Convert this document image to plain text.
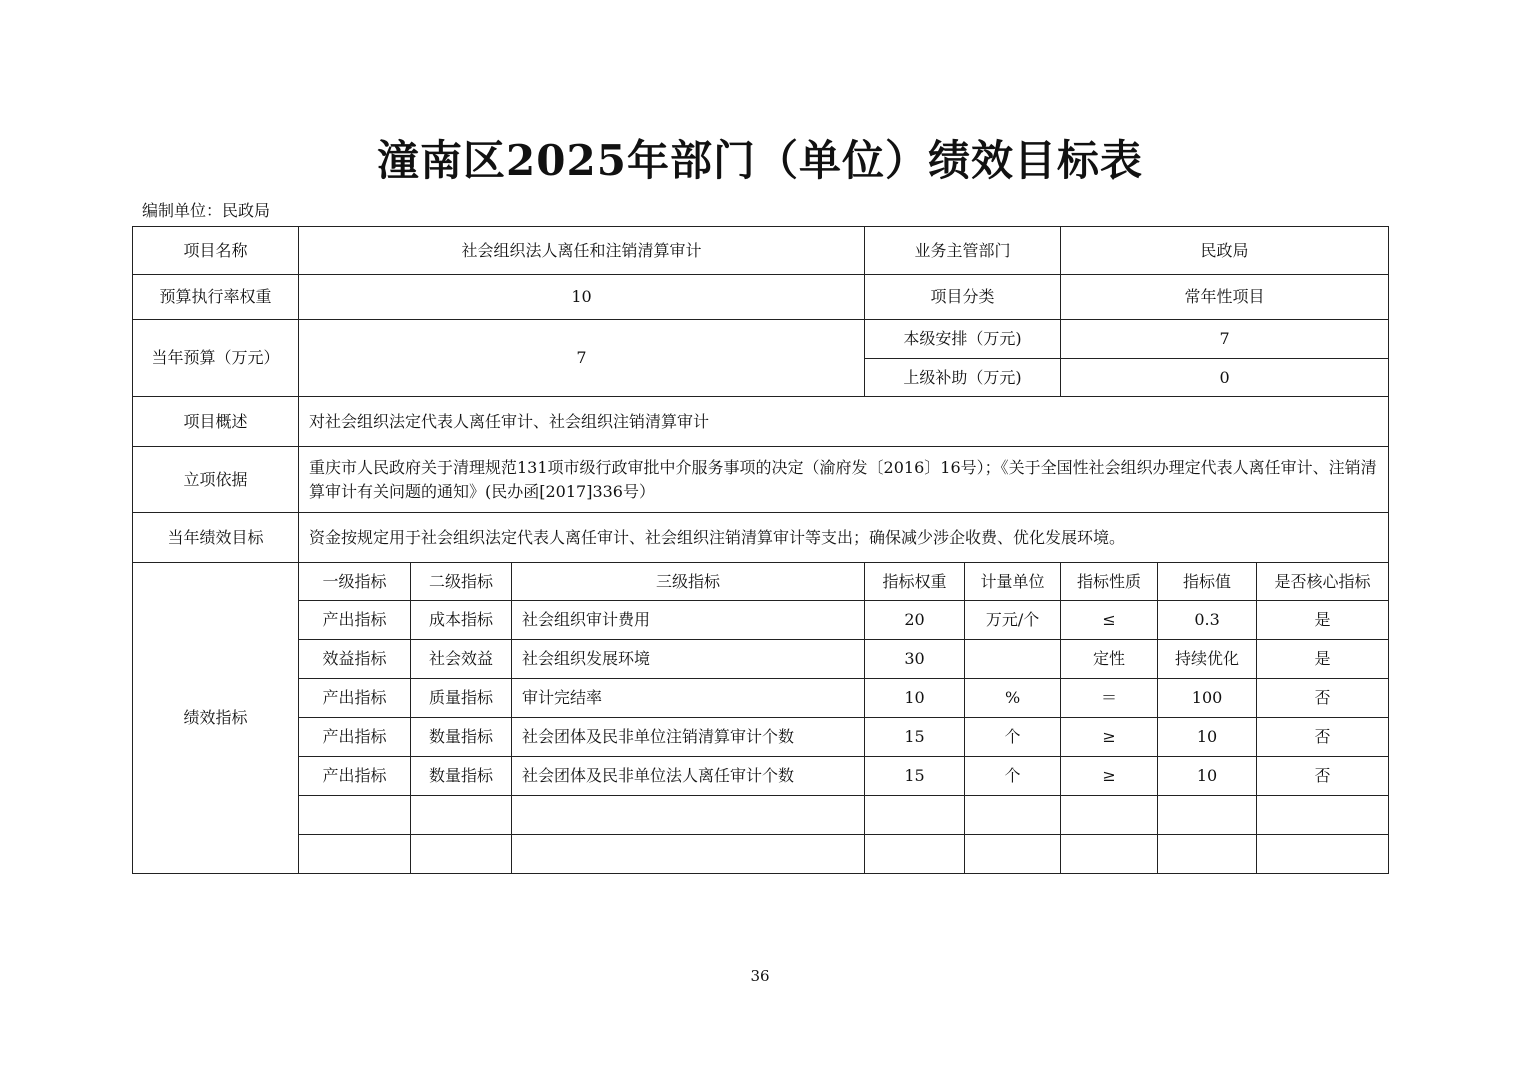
潼南区2025年部门（单位）绩效目标表
编制单位：民政局
项目名称	社会组织法人离任和注销清算审计			业务主管部门		民政局		
预算执行率权重	10			项目分类		常年性项目		
当年预算（万元）	7			本级安排（万元)		7		
				上级补助（万元)		0		
项目概述	对社会组织法定代表人离任审计、社会组织注销清算审计							
立项依据	重庆市人民政府关于清理规范131项市级行政审批中介服务事项的决定（渝府发〔2016〕16号）；《关于全国性社会组织办理定代表人离任审计、注销清算审计有关问题的通知》(民办函[2017]336号）							
当年绩效目标	资金按规定用于社会组织法定代表人离任审计、社会组织注销清算审计等支出；确保减少涉企收费、优化发展环境。							
绩效指标	一级指标	二级指标	三级指标	指标权重	计量单位	指标性质	指标值	是否核心指标
	产出指标	成本指标	社会组织审计费用	20	万元/个	≤	0.3	是
	效益指标	社会效益	社会组织发展环境	30		定性	持续优化	是
	产出指标	质量指标	审计完结率	10	%	＝	100	否
	产出指标	数量指标	社会团体及民非单位注销清算审计个数	15	个	≥	10	否
	产出指标	数量指标	社会团体及民非单位法人离任审计个数	15	个	≥	10	否

36
